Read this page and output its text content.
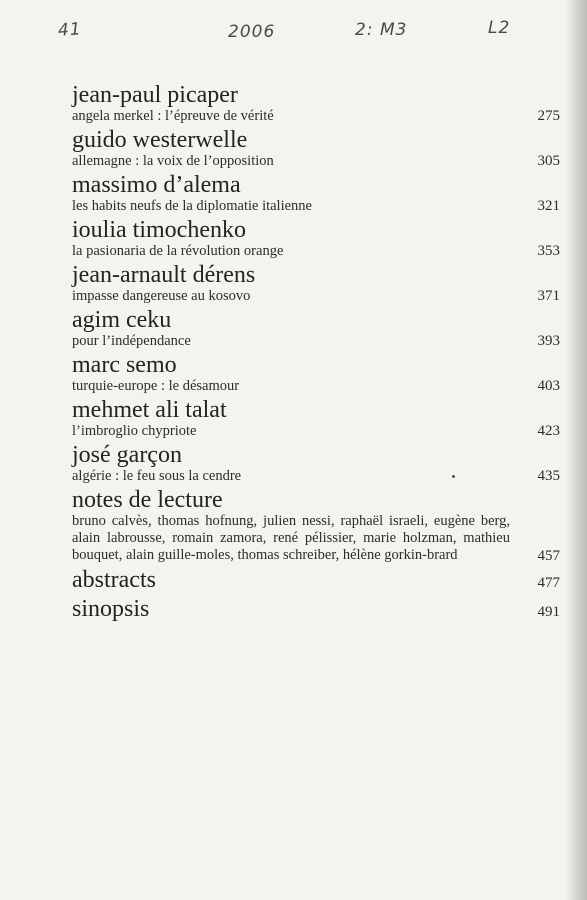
41	2006	2: M3	L2
jean-paul picaper
angela merkel : l’épreuve de vérité	275
guido westerwelle
allemagne : la voix de l’opposition	305
massimo d’alema
les habits neufs de la diplomatie italienne	321
ioulia timochenko
la pasionaria de la révolution orange	353
jean-arnault dérens
impasse dangereuse au kosovo	371
agim ceku
pour l’indépendance	393
marc semo
turquie-europe : le désamour	403
mehmet ali talat
l’imbroglio chypriote	423
josé garçon
algérie : le feu sous la cendre	435
notes de lecture
bruno calvès, thomas hofnung, julien nessi, raphaël israeli, eugène berg, alain labrousse, romain zamora, rené pélissier, marie holzman, mathieu bouquet, alain guille-moles, thomas schreiber, hélène gorkin-brard	457
abstracts	477
sinopsis	491
